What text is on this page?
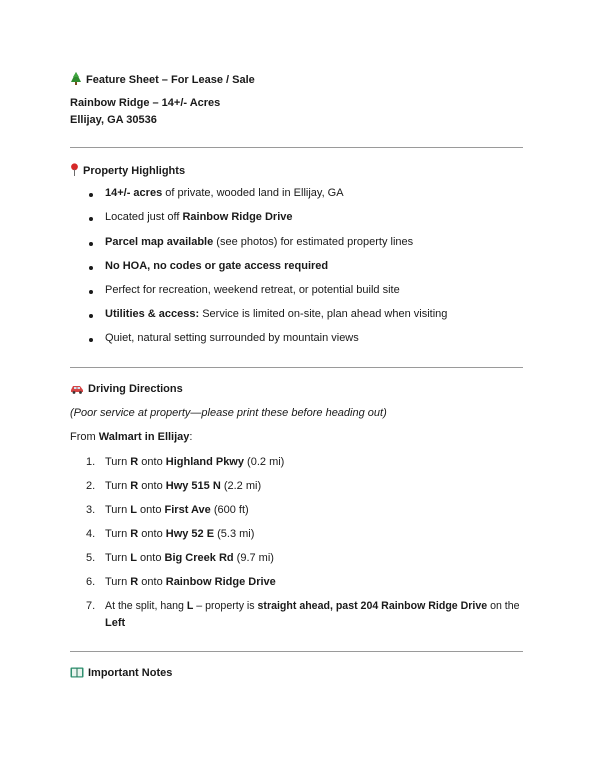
Feature Sheet – For Lease / Sale
Rainbow Ridge – 14+/- Acres
Ellijay, GA 30536
Property Highlights
14+/- acres of private, wooded land in Ellijay, GA
Located just off Rainbow Ridge Drive
Parcel map available (see photos) for estimated property lines
No HOA, no codes or gate access required
Perfect for recreation, weekend retreat, or potential build site
Utilities & access: Service is limited on-site, plan ahead when visiting
Quiet, natural setting surrounded by mountain views
Driving Directions
(Poor service at property—please print these before heading out)
From Walmart in Ellijay:
1. Turn R onto Highland Pkwy (0.2 mi)
2. Turn R onto Hwy 515 N (2.2 mi)
3. Turn L onto First Ave (600 ft)
4. Turn R onto Hwy 52 E (5.3 mi)
5. Turn L onto Big Creek Rd (9.7 mi)
6. Turn R onto Rainbow Ridge Drive
7. At the split, hang L – property is straight ahead, past 204 Rainbow Ridge Drive on the
Left
Important Notes
